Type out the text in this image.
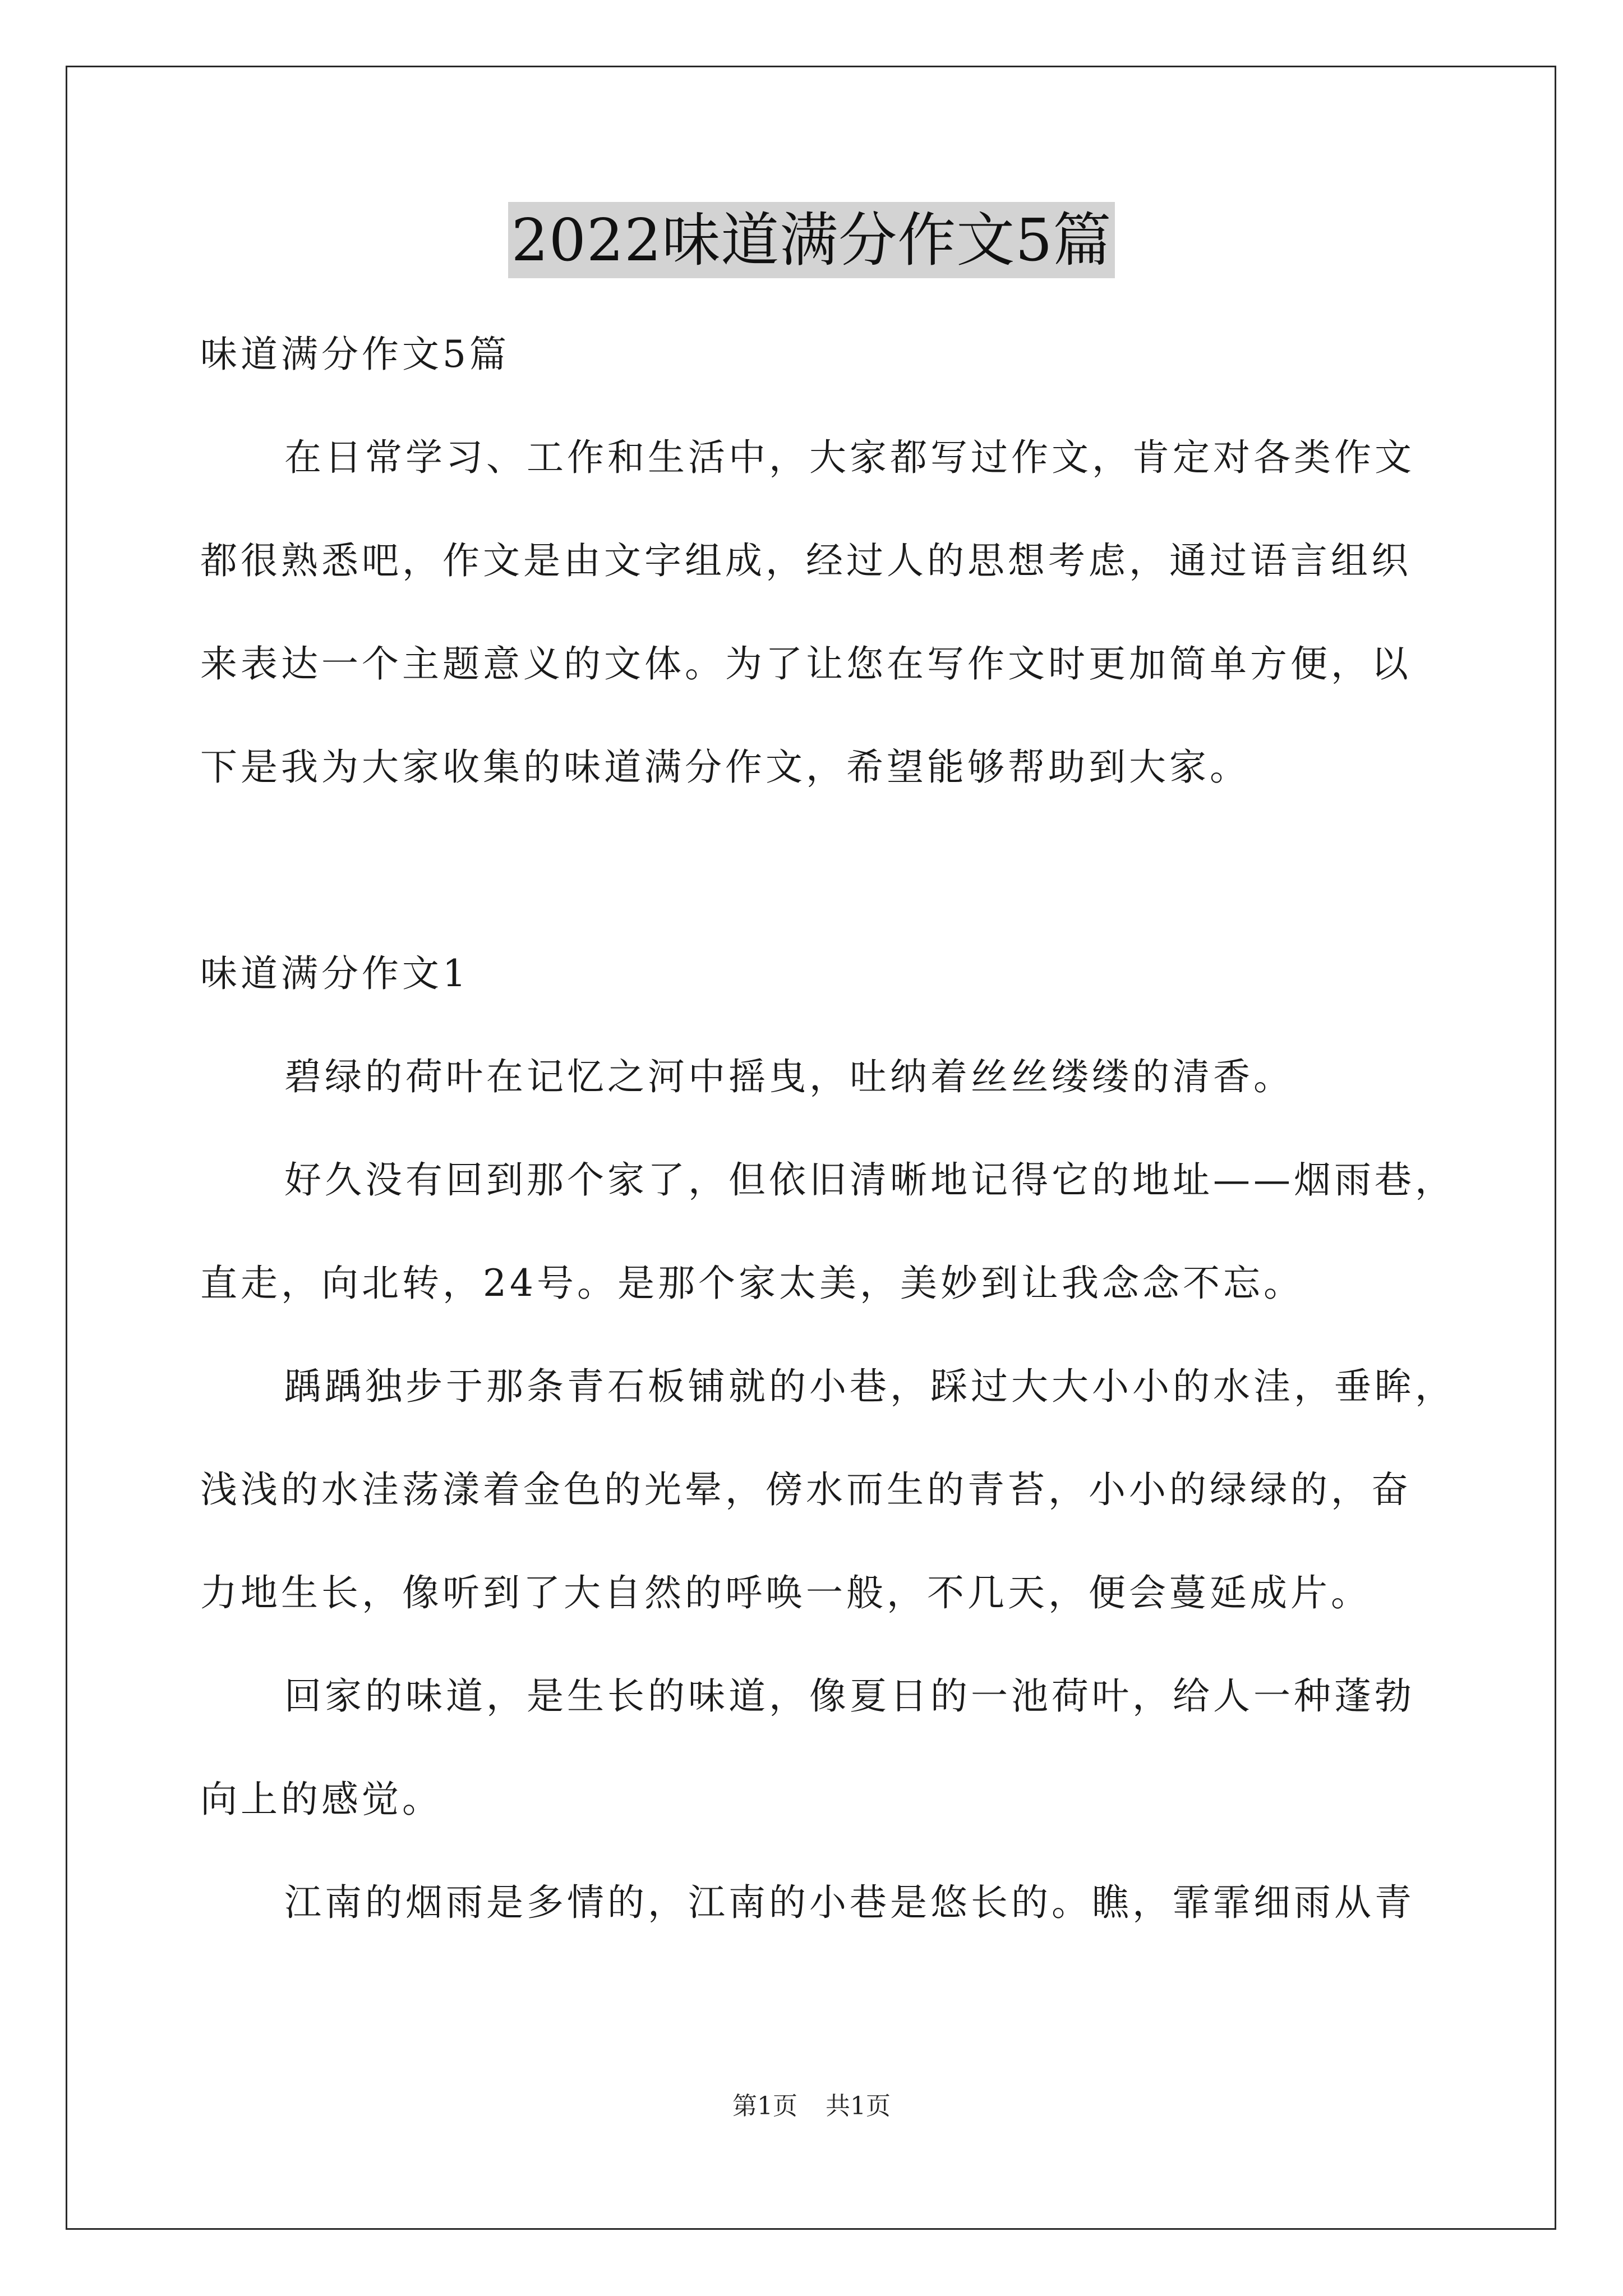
2022味道满分作文5篇
味道满分作文5篇
在日常学习、工作和生活中，大家都写过作文，肯定对各类作文
都很熟悉吧，作文是由文字组成，经过人的思想考虑，通过语言组织
来表达一个主题意义的文体。为了让您在写作文时更加简单方便，以
下是我为大家收集的味道满分作文，希望能够帮助到大家。
味道满分作文1
碧绿的荷叶在记忆之河中摇曳，吐纳着丝丝缕缕的清香。
好久没有回到那个家了，但依旧清晰地记得它的地址——烟雨巷，
直走，向北转，24号。是那个家太美，美妙到让我念念不忘。
踽踽独步于那条青石板铺就的小巷，踩过大大小小的水洼，垂眸，
浅浅的水洼荡漾着金色的光晕，傍水而生的青苔，小小的绿绿的，奋
力地生长，像听到了大自然的呼唤一般，不几天，便会蔓延成片。
回家的味道，是生长的味道，像夏日的一池荷叶，给人一种蓬勃
向上的感觉。
江南的烟雨是多情的，江南的小巷是悠长的。瞧，霏霏细雨从青
第1页 共1页
